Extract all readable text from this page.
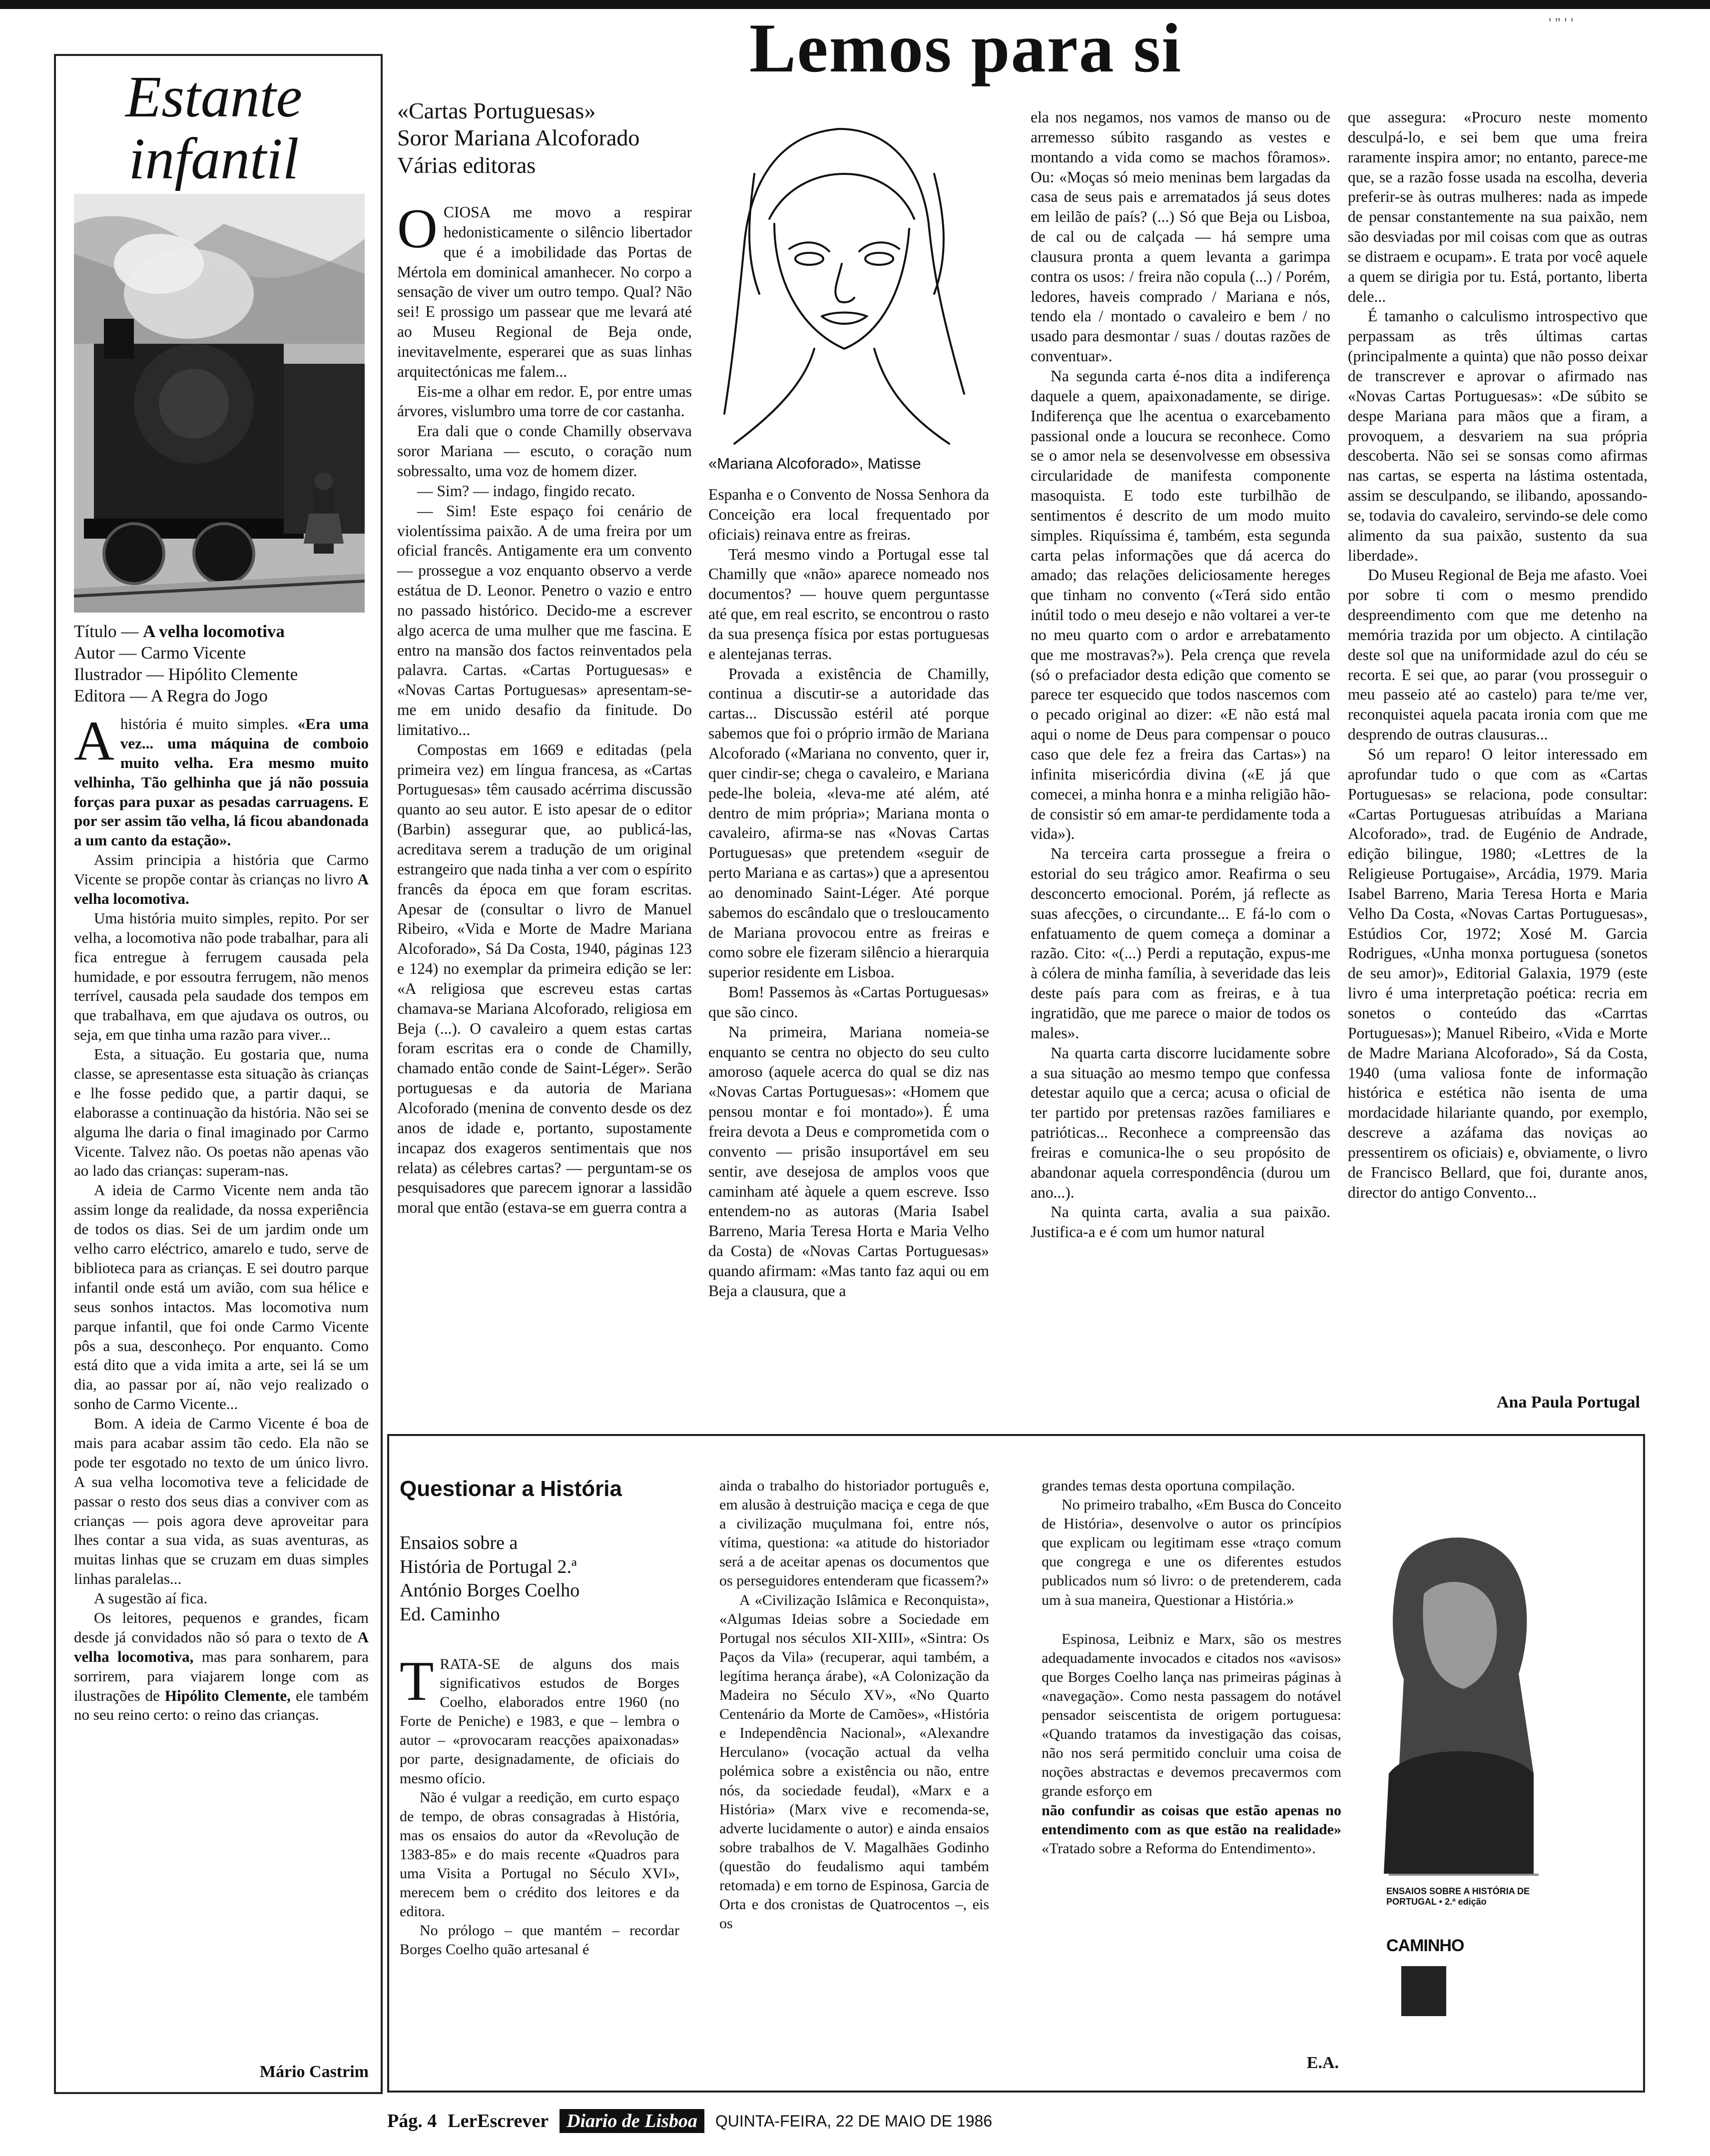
Lemos para si	' '' ' '
Estante
infantil
Título — A velha locomotiva
Autor — Carmo Vicente
Ilustrador — Hipólito Clemente
Editora — A Regra do Jogo

A história é muito simples. «Era uma vez... uma máquina de comboio muito velha. Era mesmo muito velhinha, Tão gelhinha que já não possuia forças para puxar as pesadas carruagens. E por ser assim tão velha, lá ficou abandonada a um canto da estação».

Assim principia a história que Carmo Vicente se propõe contar às crianças no livro A velha locomotiva.

Uma história muito simples, repito. Por ser velha, a locomotiva não pode trabalhar, para ali fica entregue à ferrugem causada pela humidade, e por essoutra ferrugem, não menos terrível, causada pela saudade dos tempos em que trabalhava, em que ajudava os outros, ou seja, em que tinha uma razão para viver...

Esta, a situação. Eu gostaria que, numa classe, se apresentasse esta situação às crianças e lhe fosse pedido que, a partir daqui, se elaborasse a continuação da história. Não sei se alguma lhe daria o final imaginado por Carmo Vicente. Talvez não. Os poetas não apenas vão ao lado das crianças: superam-nas.

A ideia de Carmo Vicente nem anda tão assim longe da realidade, da nossa experiência de todos os dias. Sei de um jardim onde um velho carro eléctrico, amarelo e tudo, serve de biblioteca para as crianças. E sei doutro parque infantil onde está um avião, com sua hélice e seus sonhos intactos. Mas locomotiva num parque infantil, que foi onde Carmo Vicente pôs a sua, desconheço. Por enquanto. Como está dito que a vida imita a arte, sei lá se um dia, ao passar por aí, não vejo realizado o sonho de Carmo Vicente...

Bom. A ideia de Carmo Vicente é boa de mais para acabar assim tão cedo. Ela não se pode ter esgotado no texto de um único livro. A sua velha locomotiva teve a felicidade de passar o resto dos seus dias a conviver com as crianças — pois agora deve aproveitar para lhes contar a sua vida, as suas aventuras, as muitas linhas que se cruzam em duas simples linhas paralelas...

A sugestão aí fica.

Os leitores, pequenos e grandes, ficam desde já convidados não só para o texto de A velha locomotiva, mas para sonharem, para sorrirem, para viajarem longe com as ilustrações de Hipólito Clemente, ele também no seu reino certo: o reino das crianças.

Mário Castrim
«Cartas Portuguesas»
Soror Mariana Alcoforado
Várias editoras
«Mariana Alcoforado», Matisse

OCIOSA me movo a respirar hedonisticamente o silêncio libertador que é a imobilidade das Portas de Mértola em dominical amanhecer. No corpo a sensação de viver um outro tempo. Qual? Não sei! E prossigo um passear que me levará até ao Museu Regional de Beja onde, inevitavelmente, esperarei que as suas linhas arquitectónicas me falem...

Eis-me a olhar em redor. E, por entre umas árvores, vislumbro uma torre de cor castanha.

Era dali que o conde Chamilly observava soror Mariana — escuto, o coração num sobressalto, uma voz de homem dizer.

— Sim? — indago, fingido recato.

— Sim! Este espaço foi cenário de violentíssima paixão. A de uma freira por um oficial francês. Antigamente era um convento — prossegue a voz enquanto observo a verde estátua de D. Leonor. Penetro o vazio e entro no passado histórico. Decido-me a escrever algo acerca de uma mulher que me fascina. E entro na mansão dos factos reinventados pela palavra. Cartas. «Cartas Portuguesas» e «Novas Cartas Portuguesas» apresentam-se-me em unido desafio da finitude. Do limitativo...

Compostas em 1669 e editadas (pela primeira vez) em língua francesa, as «Cartas Portuguesas» têm causado acérrima discussão quanto ao seu autor. E isto apesar de o editor (Barbin) assegurar que, ao publicá-las, acreditava serem a tradução de um original estrangeiro que nada tinha a ver com o espírito francês da época em que foram escritas. Apesar de (consultar o livro de Manuel Ribeiro, «Vida e Morte de Madre Mariana Alcoforado», Sá Da Costa, 1940, páginas 123 e 124) no exemplar da primeira edição se ler: «A religiosa que escreveu estas cartas chamava-se Mariana Alcoforado, religiosa em Beja (...). O cavaleiro a quem estas cartas foram escritas era o conde de Chamilly, chamado então conde de Saint-Léger». Serão portuguesas e da autoria de Mariana Alcoforado (menina de convento desde os dez anos de idade e, portanto, supostamente incapaz dos exageros sentimentais que nos relata) as célebres cartas? — perguntam-se os pesquisadores que parecem ignorar a lassidão moral que então (estava-se em guerra contra a

Espanha e o Convento de Nossa Senhora da Conceição era local frequentado por oficiais) reinava entre as freiras.

Terá mesmo vindo a Portugal esse tal Chamilly que «não» aparece nomeado nos documentos? — houve quem perguntasse até que, em real escrito, se encontrou o rasto da sua presença física por estas portuguesas e alentejanas terras.

Provada a existência de Chamilly, continua a discutir-se a autoridade das cartas... Discussão estéril até porque sabemos que foi o próprio irmão de Mariana Alcoforado («Mariana no convento, quer ir, quer cindir-se; chega o cavaleiro, e Mariana pede-lhe boleia, «leva-me até além, até dentro de mim própria»; Mariana monta o cavaleiro, afirma-se nas «Novas Cartas Portuguesas» que pretendem «seguir de perto Mariana e as cartas») que a apresentou ao denominado Saint-Léger. Até porque sabemos do escândalo que o tresloucamento de Mariana provocou entre as freiras e como sobre ele fizeram silêncio a hierarquia superior residente em Lisboa.

Bom! Passemos às «Cartas Portuguesas» que são cinco.

Na primeira, Mariana nomeia-se enquanto se centra no objecto do seu culto amoroso (aquele acerca do qual se diz nas «Novas Cartas Portuguesas»: «Homem que pensou montar e foi montado»). É uma freira devota a Deus e comprometida com o convento — prisão insuportável em seu sentir, ave desejosa de amplos voos que caminham até àquele a quem escreve. Isso entendem-no as autoras (Maria Isabel Barreno, Maria Teresa Horta e Maria Velho da Costa) de «Novas Cartas Portuguesas» quando afirmam: «Mas tanto faz aqui ou em Beja a clausura, que a

ela nos negamos, nos vamos de manso ou de arremesso súbito rasgando as vestes e montando a vida como se machos fôramos». Ou: «Moças só meio meninas bem largadas da casa de seus pais e arrematados já seus dotes em leilão de país? (...) Só que Beja ou Lisboa, de cal ou de calçada — há sempre uma clausura pronta a quem levanta a garimpa contra os usos: / freira não copula (...) / Porém, ledores, haveis comprado / Mariana e nós, tendo ela / montado o cavaleiro e bem / no usado para desmontar / suas / doutas razões de conventuar».

Na segunda carta é-nos dita a indiferença daquele a quem, apaixonadamente, se dirige. Indiferença que lhe acentua o exarcebamento passional onde a loucura se reconhece. Como se o amor nela se desenvolvesse em obsessiva circularidade de manifesta componente masoquista. E todo este turbilhão de sentimentos é descrito de um modo muito simples. Riquíssima é, também, esta segunda carta pelas informações que dá acerca do amado; das relações deliciosamente hereges que tinham no convento («Terá sido então inútil todo o meu desejo e não voltarei a ver-te no meu quarto com o ardor e arrebatamento que me mostravas?»). Pela crença que revela (só o prefaciador desta edição que comento se parece ter esquecido que todos nascemos com o pecado original ao dizer: «E não está mal aqui o nome de Deus para compensar o pouco caso que dele fez a freira das Cartas») na infinita misericórdia divina («E já que comecei, a minha honra e a minha religião hão-de consistir só em amar-te perdidamente toda a vida»).

Na terceira carta prossegue a freira o estorial do seu trágico amor. Reafirma o seu desconcerto emocional. Porém, já reflecte as suas afecções, o circundante... E fá-lo com o enfatuamento de quem começa a dominar a razão. Cito: «(...) Perdi a reputação, expus-me à cólera de minha família, à severidade das leis deste país para com as freiras, e à tua ingratidão, que me parece o maior de todos os males».

Na quarta carta discorre lucidamente sobre a sua situação ao mesmo tempo que confessa detestar aquilo que a cerca; acusa o oficial de ter partido por pretensas razões familiares e patrióticas... Reconhece a compreensão das freiras e comunica-lhe o seu propósito de abandonar aquela correspondência (durou um ano...).

Na quinta carta, avalia a sua paixão. Justifica-a e é com um humor natural

que assegura: «Procuro neste momento desculpá-lo, e sei bem que uma freira raramente inspira amor; no entanto, parece-me que, se a razão fosse usada na escolha, deveria preferir-se às outras mulheres: nada as impede de pensar constantemente na sua paixão, nem são desviadas por mil coisas com que as outras se distraem e ocupam». E trata por você aquele a quem se dirigia por tu. Está, portanto, liberta dele...

É tamanho o calculismo introspectivo que perpassam as três últimas cartas (principalmente a quinta) que não posso deixar de transcrever e aprovar o afirmado nas «Novas Cartas Portuguesas»: «De súbito se despe Mariana para mãos que a firam, a provoquem, a desvariem na sua própria descoberta. Não sei se sonsas como afirmas nas cartas, se esperta na lástima ostentada, assim se desculpando, se ilibando, apossando-se, todavia do cavaleiro, servindo-se dele como alimento da sua paixão, sustento da sua liberdade».

Do Museu Regional de Beja me afasto. Voei por sobre ti com o mesmo prendido despreendimento com que me detenho na memória trazida por um objecto. A cintilação deste sol que na uniformidade azul do céu se recorta. E sei que, ao parar (vou prosseguir o meu passeio até ao castelo) para te/me ver, reconquistei aquela pacata ironia com que me desprendo de outras clausuras...

Só um reparo! O leitor interessado em aprofundar tudo o que com as «Cartas Portuguesas» se relaciona, pode consultar: «Cartas Portuguesas atribuídas a Mariana Alcoforado», trad. de Eugénio de Andrade, edição bilingue, 1980; «Lettres de la Religieuse Portugaise», Arcádia, 1979. Maria Isabel Barreno, Maria Teresa Horta e Maria Velho Da Costa, «Novas Cartas Portuguesas», Estúdios Cor, 1972; Xosé M. Garcia Rodrigues, «Unha monxa portuguesa (sonetos de seu amor)», Editorial Galaxia, 1979 (este livro é uma interpretação poética: recria em sonetos o conteúdo das «Carrtas Portuguesas»); Manuel Ribeiro, «Vida e Morte de Madre Mariana Alcoforado», Sá da Costa, 1940 (uma valiosa fonte de informação histórica e estética não isenta de uma mordacidade hilariante quando, por exemplo, descreve a azáfama das noviças ao pressentirem os oficiais) e, obviamente, o livro de Francisco Bellard, que foi, durante anos, director do antigo Convento...

Ana Paula Portugal
Questionar a História
Ensaios sobre a
História de Portugal 2.ª
António Borges Coelho
Ed. Caminho

TRATA-SE de alguns dos mais significativos estudos de Borges Coelho, elaborados entre 1960 (no Forte de Peniche) e 1983, e que – lembra o autor – «provocaram reacções apaixonadas» por parte, designadamente, de oficiais do mesmo ofício.

Não é vulgar a reedição, em curto espaço de tempo, de obras consagradas à História, mas os ensaios do autor da «Revolução de 1383-85» e do mais recente «Quadros para uma Visita a Portugal no Século XVI», merecem bem o crédito dos leitores e da editora.

No prólogo – que mantém – recordar Borges Coelho quão artesanal é

ainda o trabalho do historiador português e, em alusão à destruição maciça e cega de que a civilização muçulmana foi, entre nós, vítima, questiona: «a atitude do historiador será a de aceitar apenas os documentos que os perseguidores entenderam que ficassem?»

A «Civilização Islâmica e Reconquista», «Algumas Ideias sobre a Sociedade em Portugal nos séculos XII-XIII», «Sintra: Os Paços da Vila» (recuperar, aqui também, a legítima herança árabe), «A Colonização da Madeira no Século XV», «No Quarto Centenário da Morte de Camões», «História e Independência Nacional», «Alexandre Herculano» (vocação actual da velha polémica sobre a existência ou não, entre nós, da sociedade feudal), «Marx e a História» (Marx vive e recomenda-se, adverte lucidamente o autor) e ainda ensaios sobre trabalhos de V. Magalhães Godinho (questão do feudalismo aqui também retomada) e em torno de Espinosa, Garcia de Orta e dos cronistas de Quatrocentos –, eis os

grandes temas desta oportuna compilação.

No primeiro trabalho, «Em Busca do Conceito de História», desenvolve o autor os princípios que explicam ou legitimam esse «traço comum que congrega e une os diferentes estudos publicados num só livro: o de pretenderem, cada um à sua maneira, Questionar a História.»

Espinosa, Leibniz e Marx, são os mestres adequadamente invocados e citados nos «avisos» que Borges Coelho lança nas primeiras páginas à «navegação». Como nesta passagem do notável pensador seiscentista de origem portuguesa: «Quando tratamos da investigação das coisas, não nos será permitido concluir uma coisa de noções abstractas e devemos precavermos com grande esforço em

não confundir as coisas que estão apenas no entendimento com as que estão na realidade» «Tratado sobre a Reforma do Entendimento».

ENSAIOS SOBRE A HISTÓRIA DE PORTUGAL • 2.ª edição
CAMINHO
E.A.
Pág. 4 LerEscrever Diario de Lisboa	QUINTA-FEIRA, 22 DE MAIO DE 1986
